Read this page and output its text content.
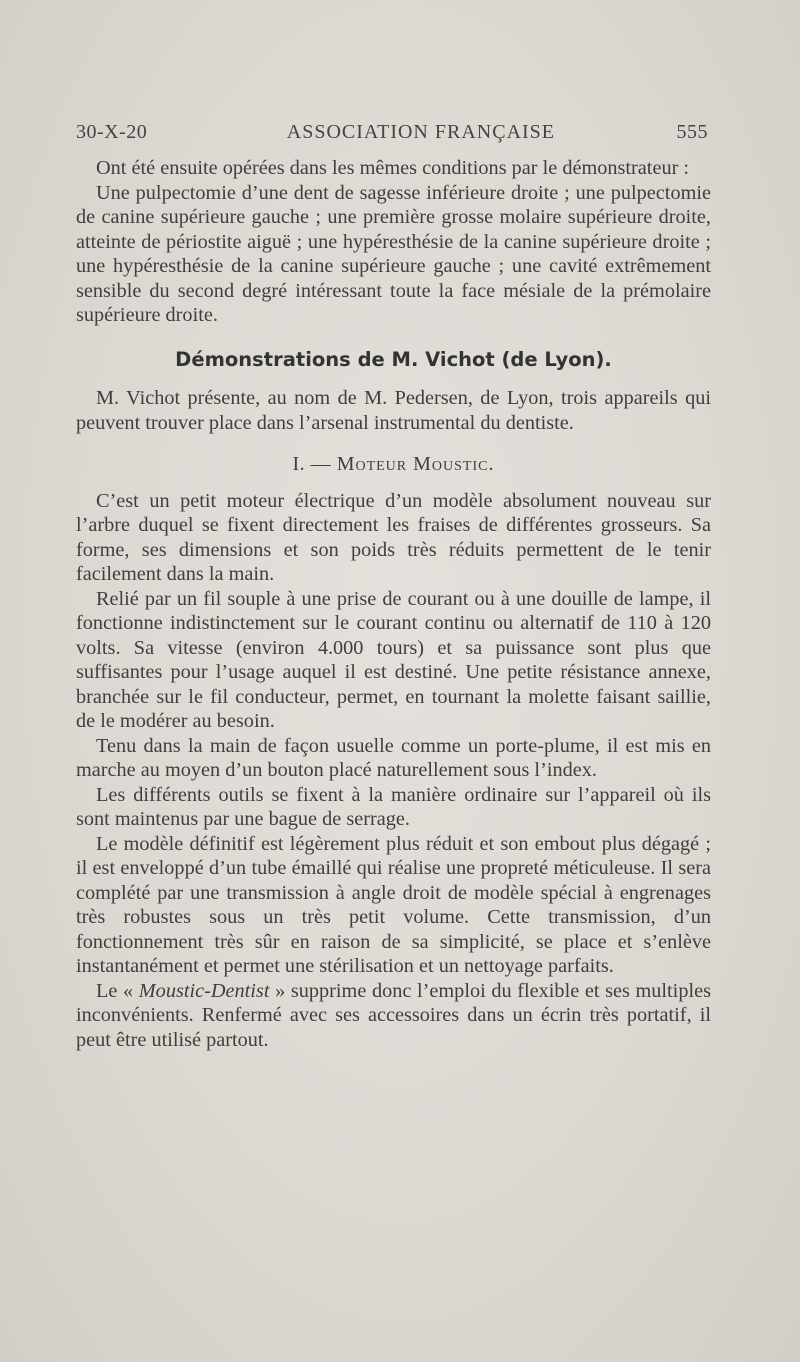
30-X-20	ASSOCIATION FRANÇAISE	555

Ont été ensuite opérées dans les mêmes conditions par le démonstrateur :

Une pulpectomie d’une dent de sagesse inférieure droite ; une pulpectomie de canine supérieure gauche ; une première grosse molaire supérieure droite, atteinte de périostite aiguë ; une hypéresthésie de la canine supérieure droite ; une hypéresthésie de la canine supérieure gauche ; une cavité extrêmement sensible du second degré intéressant toute la face mésiale de la prémolaire supérieure droite.

Démonstrations de M. Vichot (de Lyon).

M. Vichot présente, au nom de M. Pedersen, de Lyon, trois appareils qui peuvent trouver place dans l’arsenal instrumental du dentiste.

I. — Moteur Moustic.

C’est un petit moteur électrique d’un modèle absolument nouveau sur l’arbre duquel se fixent directement les fraises de différentes grosseurs. Sa forme, ses dimensions et son poids très réduits permettent de le tenir facilement dans la main.

Relié par un fil souple à une prise de courant ou à une douille de lampe, il fonctionne indistinctement sur le courant continu ou alternatif de 110 à 120 volts. Sa vitesse (environ 4.000 tours) et sa puissance sont plus que suffisantes pour l’usage auquel il est destiné. Une petite résistance annexe, branchée sur le fil conducteur, permet, en tournant la molette faisant saillie, de le modérer au besoin.

Tenu dans la main de façon usuelle comme un porte-plume, il est mis en marche au moyen d’un bouton placé naturellement sous l’index.

Les différents outils se fixent à la manière ordinaire sur l’appareil où ils sont maintenus par une bague de serrage.

Le modèle définitif est légèrement plus réduit et son embout plus dégagé ; il est enveloppé d’un tube émaillé qui réalise une propreté méticuleuse. Il sera complété par une transmission à angle droit de modèle spécial à engrenages très robustes sous un très petit volume. Cette transmission, d’un fonctionnement très sûr en raison de sa simplicité, se place et s’enlève instantanément et permet une stérilisation et un nettoyage parfaits.

Le « Moustic-Dentist » supprime donc l’emploi du flexible et ses multiples inconvénients. Renfermé avec ses accessoires dans un écrin très portatif, il peut être utilisé partout.
